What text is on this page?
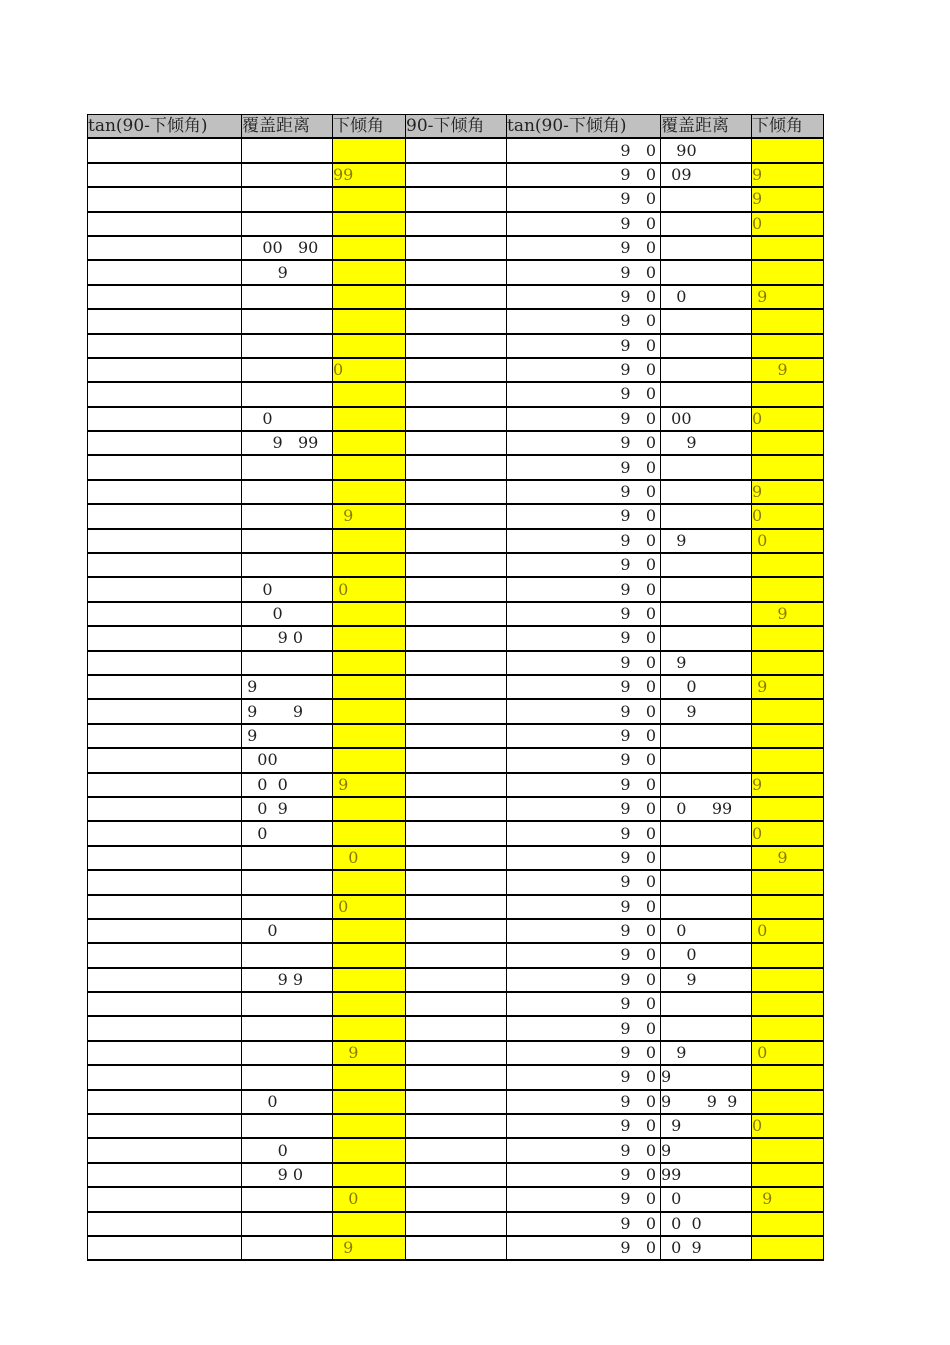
tan(90-下倾角)	覆盖距离	下倾角	90-下倾角	tan(90-下倾角)	覆盖距离	下倾角
				9   0	90	
		99		9   0	09	9
				9   0		9
				9   0		0
	00   90			9   0		
	9			9   0		
				9   0	0	9
				9   0		
				9   0		
		0		9   0		9
				9   0		
	0			9   0	00	0
	9   99			9   0	9	
				9   0		
				9   0		9
		9		9   0		0
				9   0	9	0
				9   0		
	0	0		9   0		
	0			9   0		9
	9 0			9   0		
				9   0	9	
	9			9   0	0	9
	9       9			9   0	9	
	9			9   0		
	00			9   0		
	0  0	9		9   0		9
	0  9			9   0	0     99	
	0			9   0		0
		0		9   0		9
				9   0		
		0		9   0		
	0			9   0	0	0
				9   0	0	
	9 9			9   0	9	
				9   0		
				9   0		
		9		9   0	9	0
				9   0	9	
	0			9   0	9       9  9	
				9   0	9	0
	0			9   0	9	
	9 0			9   0	99	
		0		9   0	0	9
				9   0	0  0	
		9		9   0	0  9	
